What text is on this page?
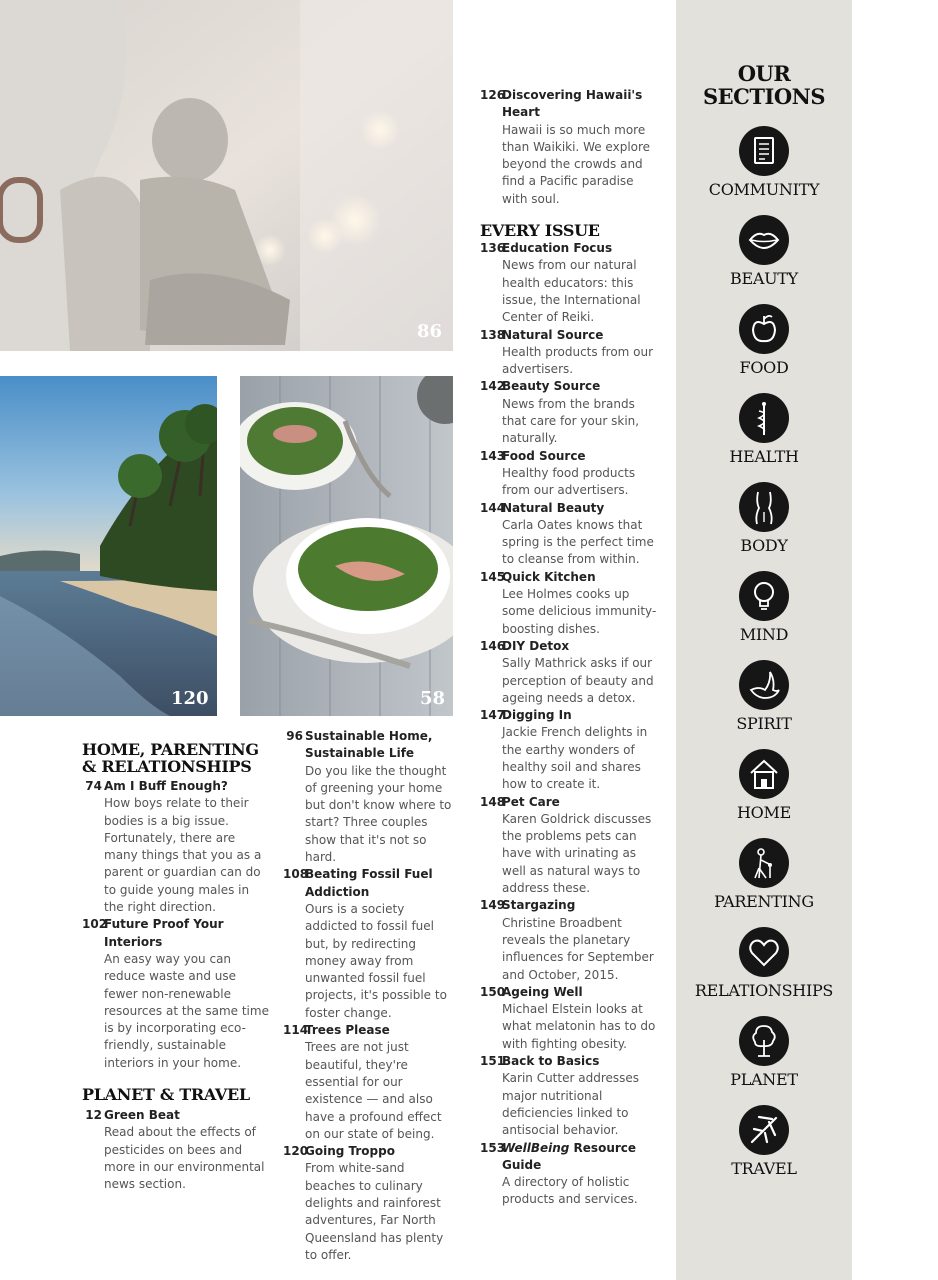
86
120	58
HOME, PARENTING
& RELATIONSHIPS
74 Am I Buff Enough?
How boys relate to their bodies is a big issue. Fortunately, there are many things that you as a parent or guardian can do to guide young males in the right direction.
102
Future Proof Your Interiors
An easy way you can reduce waste and use fewer non-renewable resources at the same time is by incorporating eco-friendly, sustainable interiors in your home.
PLANET & TRAVEL
12 Green Beat
Read about the effects of pesticides on bees and more in our environmental news section.
96 Sustainable Home, Sustainable Life
Do you like the thought of greening your home but don't know where to start? Three couples show that it's not so hard.
108
Beating Fossil Fuel Addiction
Ours is a society addicted to fossil fuel but, by redirecting money away from unwanted fossil fuel projects, it's possible to foster change.
114
Trees Please
Trees are not just beautiful, they're essential for our existence — and also have a profound effect on our state of being.
120
Going Troppo
From white-sand beaches to culinary delights and rainforest adventures, Far North Queensland has plenty to offer.
126
Discovering Hawaii's Heart
Hawaii is so much more than Waikiki. We explore beyond the crowds and find a Pacific paradise with soul.
EVERY ISSUE
136
Education Focus
News from our natural health educators: this issue, the International Center of Reiki.
138
Natural Source
Health products from our advertisers.
142
Beauty Source
News from the brands that care for your skin, naturally.
143
Food Source
Healthy food products from our advertisers.
144
Natural Beauty
Carla Oates knows that spring is the perfect time to cleanse from within.
145
Quick Kitchen
Lee Holmes cooks up some delicious immunity-boosting dishes.
146
DIY Detox
Sally Mathrick asks if our perception of beauty and ageing needs a detox.
147
Digging In
Jackie French delights in the earthy wonders of healthy soil and shares how to create it.
148
Pet Care
Karen Goldrick discusses the problems pets can have with urinating as well as natural ways to address these.
149
Stargazing
Christine Broadbent reveals the planetary influences for September and October, 2015.
150
Ageing Well
Michael Elstein looks at what melatonin has to do with fighting obesity.
151
Back to Basics
Karin Cutter addresses major nutritional deficiencies linked to antisocial behavior.
153
WellBeing Resource Guide
A directory of holistic products and services.
OUR
SECTIONS
COMMUNITY
BEAUTY
FOOD
HEALTH
BODY
MIND
SPIRIT
HOME
PARENTING
RELATIONSHIPS
PLANET
TRAVEL
